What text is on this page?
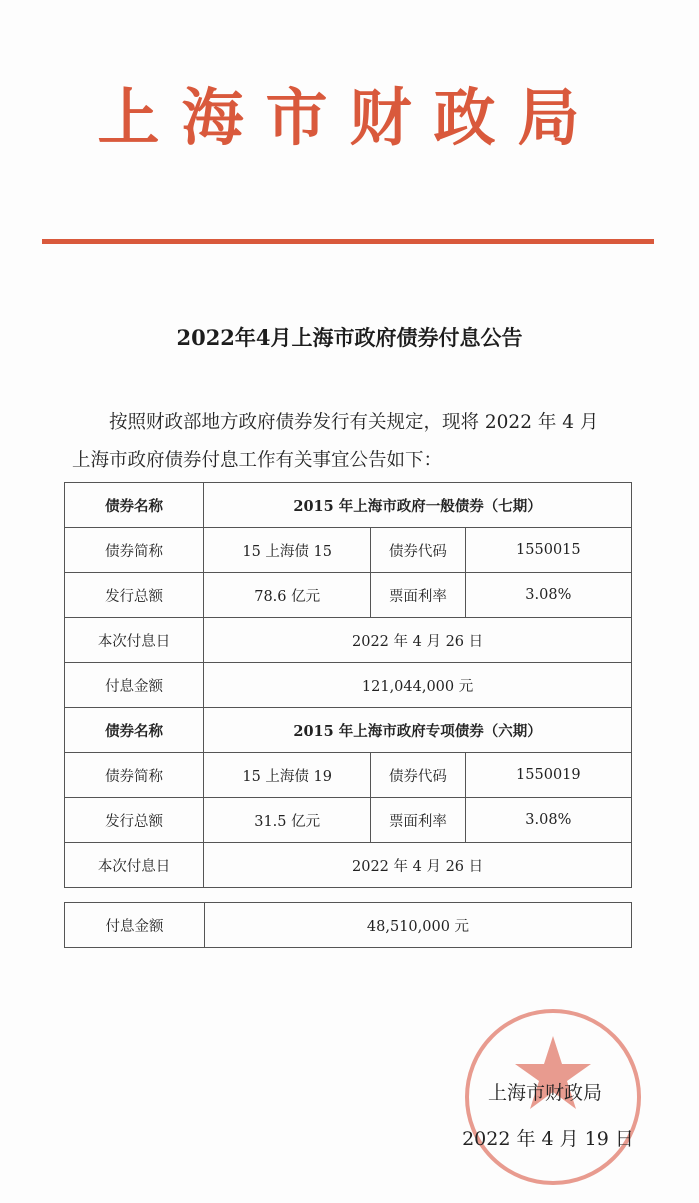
上海市财政局
2022年4月上海市政府债券付息公告
按照财政部地方政府债券发行有关规定，现将 2022 年 4 月
上海市政府债券付息工作有关事宜公告如下：
债券名称	2015 年上海市政府一般债券（七期）		
债券简称	15 上海债 15	债券代码	1550015
发行总额	78.6 亿元	票面利率	3.08%
本次付息日	2022 年 4 月 26 日		
付息金额	121,044,000 元		
债券名称	2015 年上海市政府专项债券（六期）		
债券简称	15 上海债 19	债券代码	1550019
发行总额	31.5 亿元	票面利率	3.08%
本次付息日	2022 年 4 月 26 日		
付息金额	48,510,000 元
上海市财政局
2022 年 4 月 19 日
